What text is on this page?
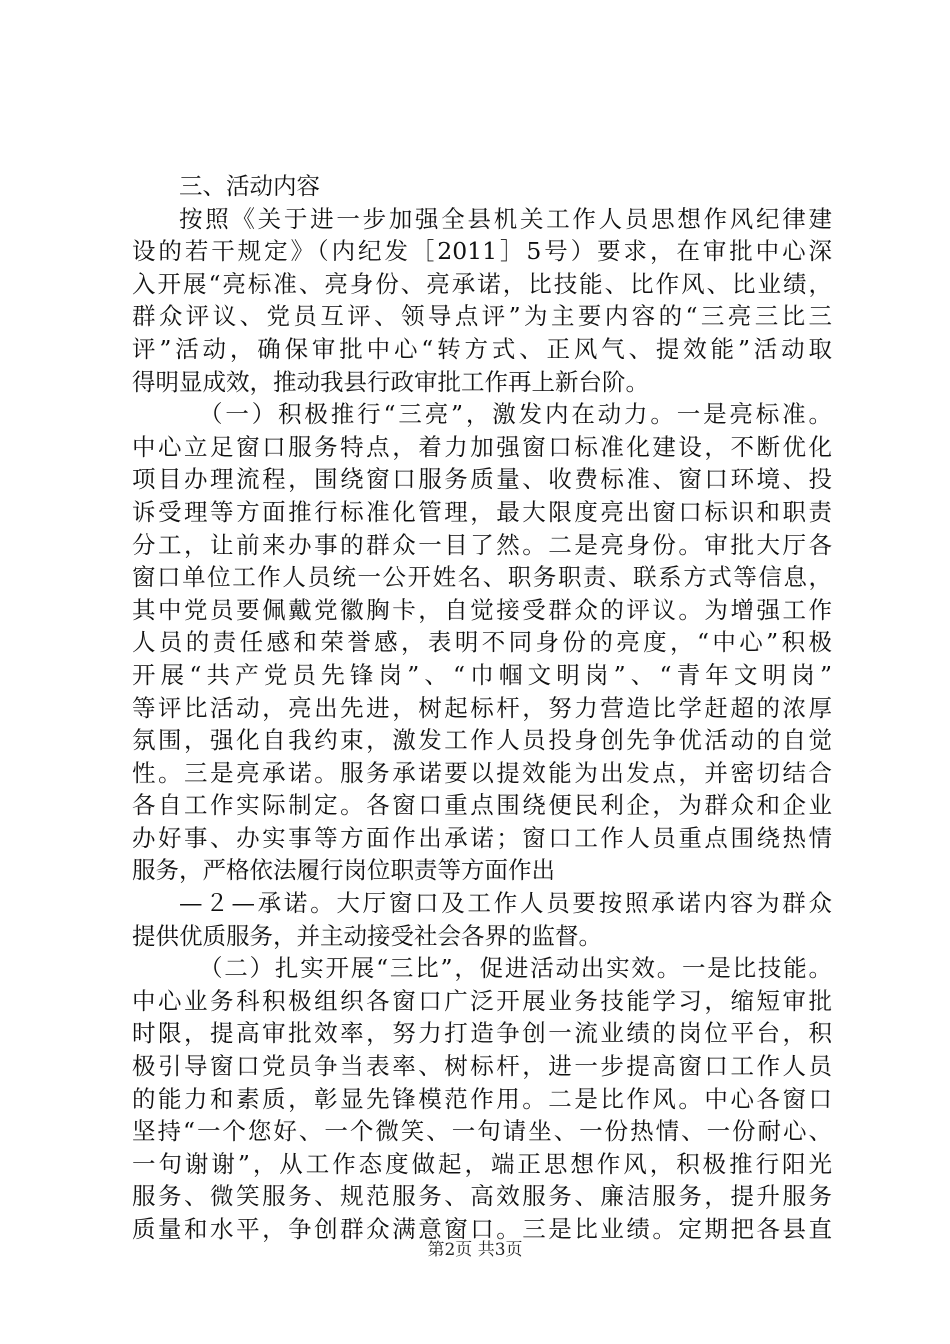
三、活动内容
按照《关于进一步加强全县机关工作人员思想作风纪律建
设的若干规定》（内纪发［2011］5号）要求，在审批中心深
入开展“亮标准、亮身份、亮承诺，比技能、比作风、比业绩，
群众评议、党员互评、领导点评”为主要内容的“三亮三比三
评”活动，确保审批中心“转方式、正风气、提效能”活动取
得明显成效，推动我县行政审批工作再上新台阶。
（一）积极推行“三亮”，激发内在动力。一是亮标准。
中心立足窗口服务特点，着力加强窗口标准化建设，不断优化
项目办理流程，围绕窗口服务质量、收费标准、窗口环境、投
诉受理等方面推行标准化管理，最大限度亮出窗口标识和职责
分工，让前来办事的群众一目了然。二是亮身份。审批大厅各
窗口单位工作人员统一公开姓名、职务职责、联系方式等信息，
其中党员要佩戴党徽胸卡，自觉接受群众的评议。为增强工作
人员的责任感和荣誉感，表明不同身份的亮度，“中心”积极
开展“共产党员先锋岗”、“巾帼文明岗”、“青年文明岗”
等评比活动，亮出先进，树起标杆，努力营造比学赶超的浓厚
氛围，强化自我约束，激发工作人员投身创先争优活动的自觉
性。三是亮承诺。服务承诺要以提效能为出发点，并密切结合
各自工作实际制定。各窗口重点围绕便民利企，为群众和企业
办好事、办实事等方面作出承诺；窗口工作人员重点围绕热情
服务，严格依法履行岗位职责等方面作出
—２—承诺。大厅窗口及工作人员要按照承诺内容为群众
提供优质服务，并主动接受社会各界的监督。
（二）扎实开展“三比”，促进活动出实效。一是比技能。
中心业务科积极组织各窗口广泛开展业务技能学习，缩短审批
时限，提高审批效率，努力打造争创一流业绩的岗位平台，积
极引导窗口党员争当表率、树标杆，进一步提高窗口工作人员
的能力和素质，彰显先锋模范作用。二是比作风。中心各窗口
坚持“一个您好、一个微笑、一句请坐、一份热情、一份耐心、
一句谢谢”，从工作态度做起，端正思想作风，积极推行阳光
服务、微笑服务、规范服务、高效服务、廉洁服务，提升服务
质量和水平，争创群众满意窗口。三是比业绩。定期把各县直
第2页 共3页
